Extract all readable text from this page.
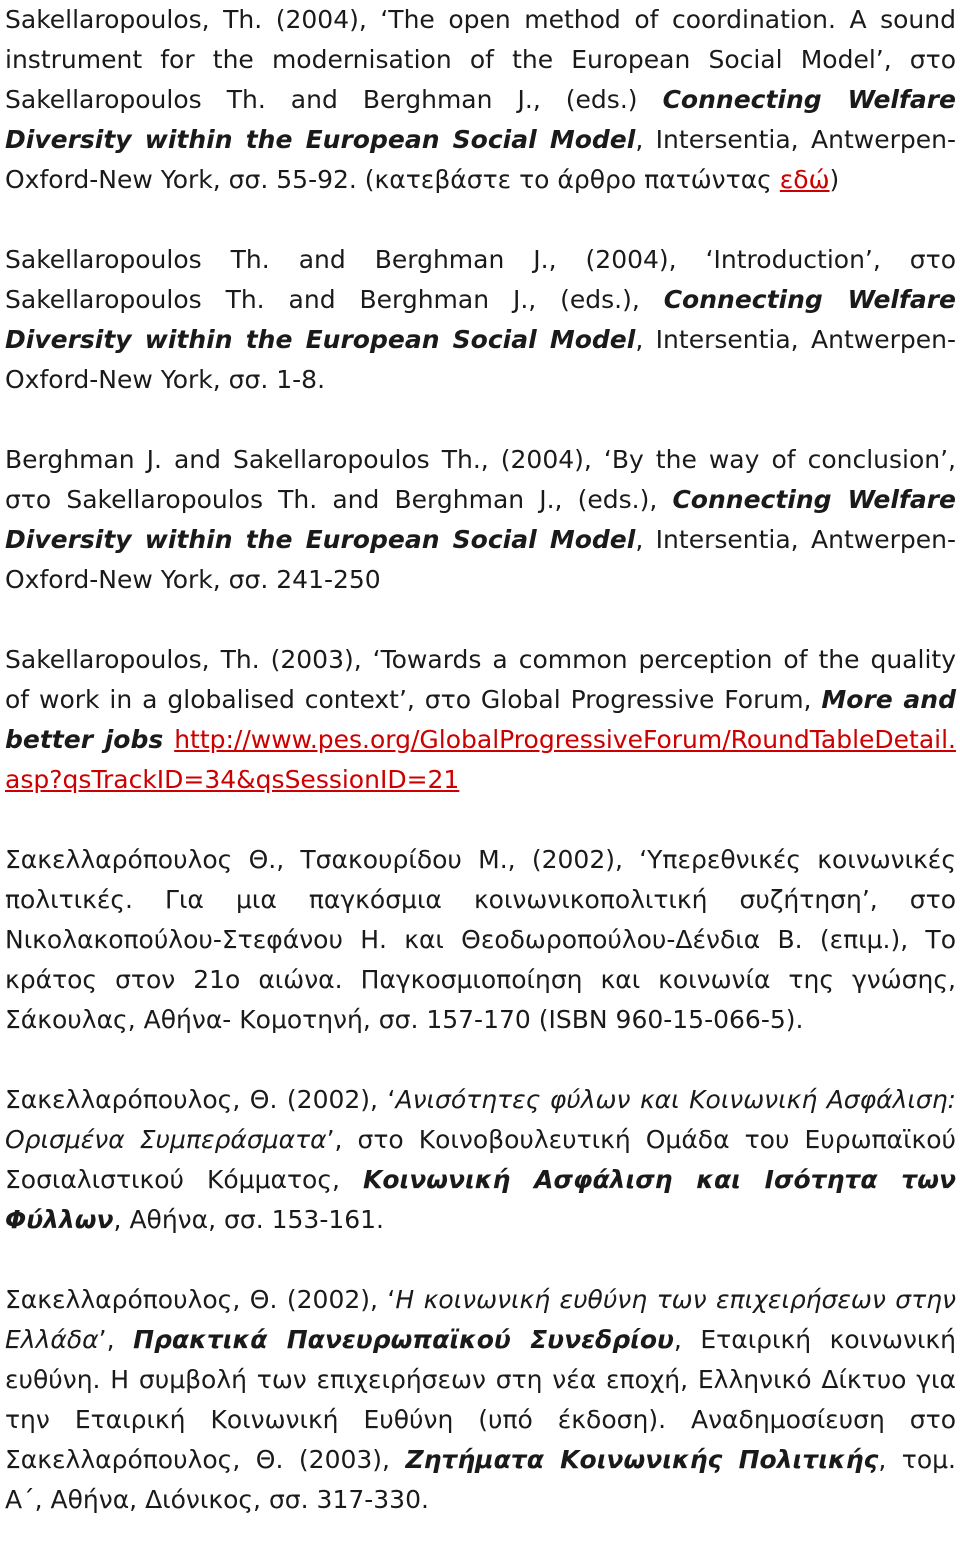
Sakellaropoulos, Th. (2004), ‘The open method of coordination. A sound instrument for the modernisation of the European Social Model’, στο Sakellaropoulos Th. and Berghman J., (eds.) Connecting Welfare Diversity within the European Social Model, Intersentia, Antwerpen-Oxford-New York, σσ. 55-92. (κατεβάστε το άρθρο πατώντας εδώ)

Sakellaropoulos Th. and Berghman J., (2004), ‘Introduction’, στο Sakellaropoulos Th. and Berghman J., (eds.), Connecting Welfare Diversity within the European Social Model, Intersentia, Antwerpen-Oxford-New York, σσ. 1-8.

Berghman J. and Sakellaropoulos Th., (2004), ‘By the way of conclusion’, στο Sakellaropoulos Th. and Berghman J., (eds.), Connecting Welfare Diversity within the European Social Model, Intersentia, Antwerpen-Oxford-New York, σσ. 241-250

Sakellaropoulos, Th. (2003), ‘Towards a common perception of the quality of work in a globalised context’, στο Global Progressive Forum, More and better jobs http://www.pes.org/GlobalProgressiveForum/RoundTableDetail.asp?qsTrackID=34&qsSessionID=21

Σακελλαρόπουλος Θ., Τσακουρίδου Μ., (2002), ‘Υπερεθνικές κοινωνικές πολιτικές. Για μια παγκόσμια κοινωνικοπολιτική συζήτηση’, στο Νικολακοπούλου-Στεφάνου Η. και Θεοδωροπούλου-Δένδια Β. (επιμ.), Το κράτος στον 21ο αιώνα. Παγκοσμιοποίηση και κοινωνία της γνώσης, Σάκουλας, Αθήνα- Κομοτηνή, σσ. 157-170 (ISBN 960-15-066-5).

Σακελλαρόπουλος, Θ. (2002), ‘Ανισότητες φύλων και Κοινωνική Ασφάλιση: Ορισμένα Συμπεράσματα’, στο Κοινοβουλευτική Ομάδα του Ευρωπαϊκού Σοσιαλιστικού Κόμματος, Κοινωνική Ασφάλιση και Ισότητα των Φύλλων, Αθήνα, σσ. 153-161.

Σακελλαρόπουλος, Θ. (2002), ‘Η κοινωνική ευθύνη των επιχειρήσεων στην Ελλάδα’, Πρακτικά Πανευρωπαϊκού Συνεδρίου, Εταιρική κοινωνική ευθύνη. Η συμβολή των επιχειρήσεων στη νέα εποχή, Ελληνικό Δίκτυο για την Εταιρική Κοινωνική Ευθύνη (υπό έκδοση). Αναδημοσίευση στο Σακελλαρόπουλος, Θ. (2003), Ζητήματα Κοινωνικής Πολιτικής, τομ. Α΄, Αθήνα, Διόνικος, σσ. 317-330.
